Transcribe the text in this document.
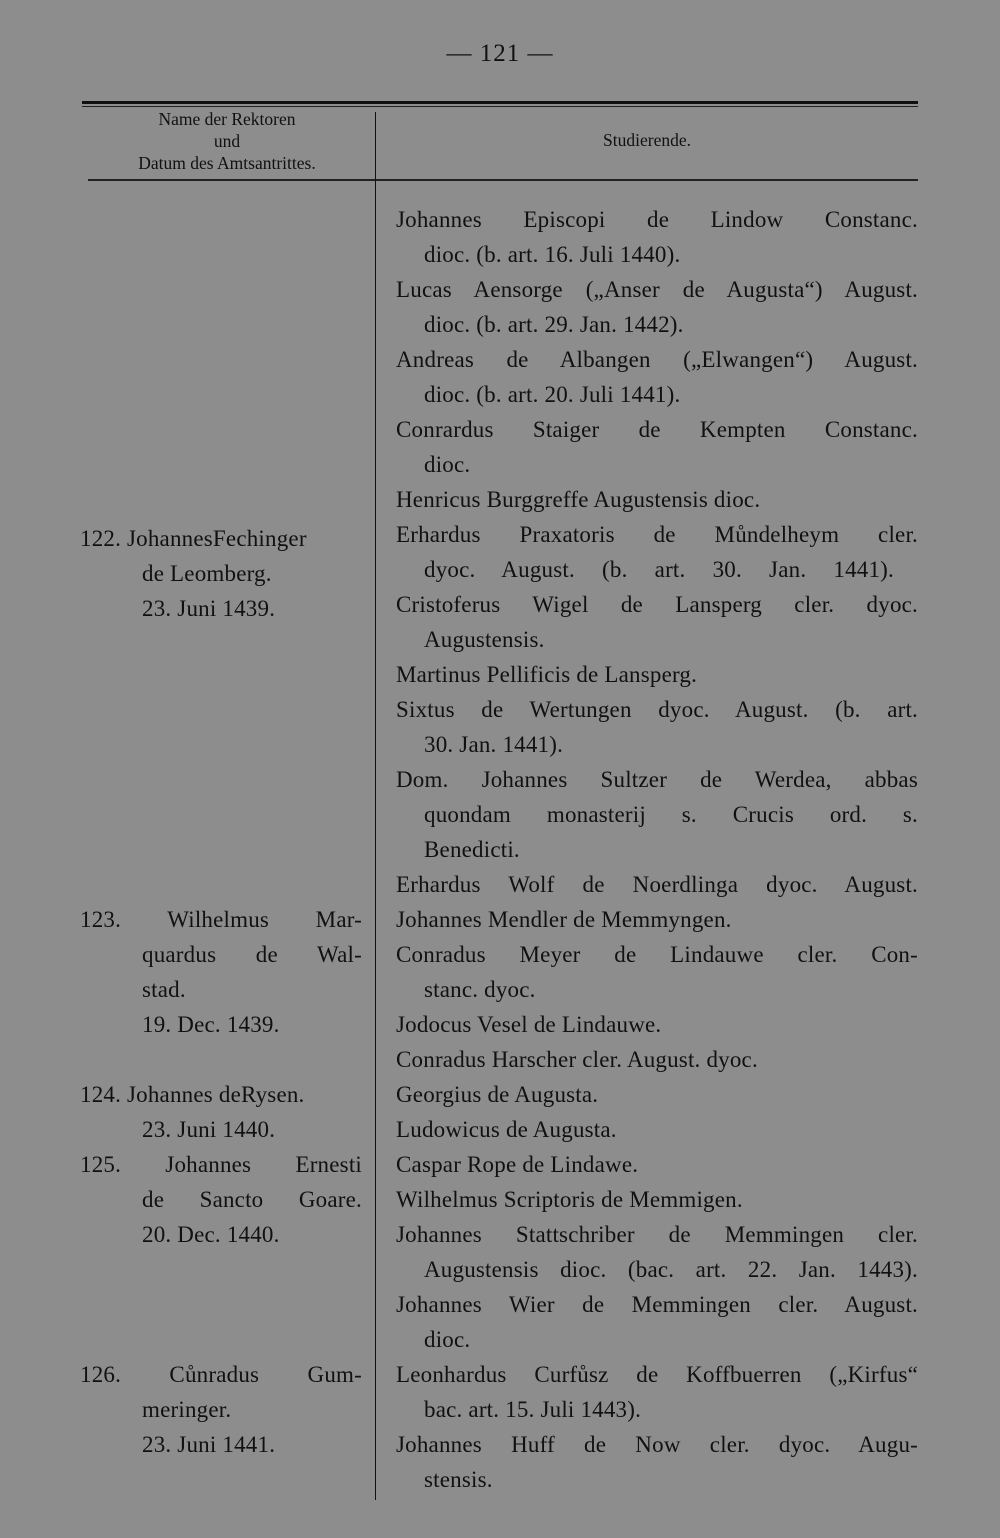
— 121 —
Name der Rektoren
und
Datum des Amtsantrittes.
Studierende.
122. JohannesFechinger
de Leomberg.
23. Juni 1439.
123. Wilhelmus Mar-
quardus de Wal-
stad.
19. Dec. 1439.
124. Johannes deRysen.
23. Juni 1440.
125. Johannes Ernesti
de Sancto Goare.
20. Dec. 1440.
126. Cůnradus Gum-
meringer.
23. Juni 1441.
Johannes Episcopi de Lindow Constanc.
dioc. (b. art. 16. Juli 1440).
Lucas Aensorge („Anser de Augusta“) August.
dioc. (b. art. 29. Jan. 1442).
Andreas de Albangen („Elwangen“) August.
dioc. (b. art. 20. Juli 1441).
Conrardus Staiger de Kempten Constanc.
dioc.
Henricus Burggreffe Augustensis dioc.
Erhardus Praxatoris de Můndelheym cler.
dyoc. August. (b. art. 30. Jan. 1441).
Cristoferus Wigel de Lansperg cler. dyoc.
Augustensis.
Martinus Pellificis de Lansperg.
Sixtus de Wertungen dyoc. August. (b. art.
30. Jan. 1441).
Dom. Johannes Sultzer de Werdea, abbas
quondam monasterij s. Crucis ord. s.
Benedicti.
Erhardus Wolf de Noerdlinga dyoc. August.
Johannes Mendler de Memmyngen.
Conradus Meyer de Lindauwe cler. Con-
stanc. dyoc.
Jodocus Vesel de Lindauwe.
Conradus Harscher cler. August. dyoc.
Georgius de Augusta.
Ludowicus de Augusta.
Caspar Rope de Lindawe.
Wilhelmus Scriptoris de Memmigen.
Johannes Stattschriber de Memmingen cler.
Augustensis dioc. (bac. art. 22. Jan. 1443).
Johannes Wier de Memmingen cler. August.
dioc.
Leonhardus Curfůsz de Koffbuerren („Kirfus“
bac. art. 15. Juli 1443).
Johannes Huff de Now cler. dyoc. Augu-
stensis.
